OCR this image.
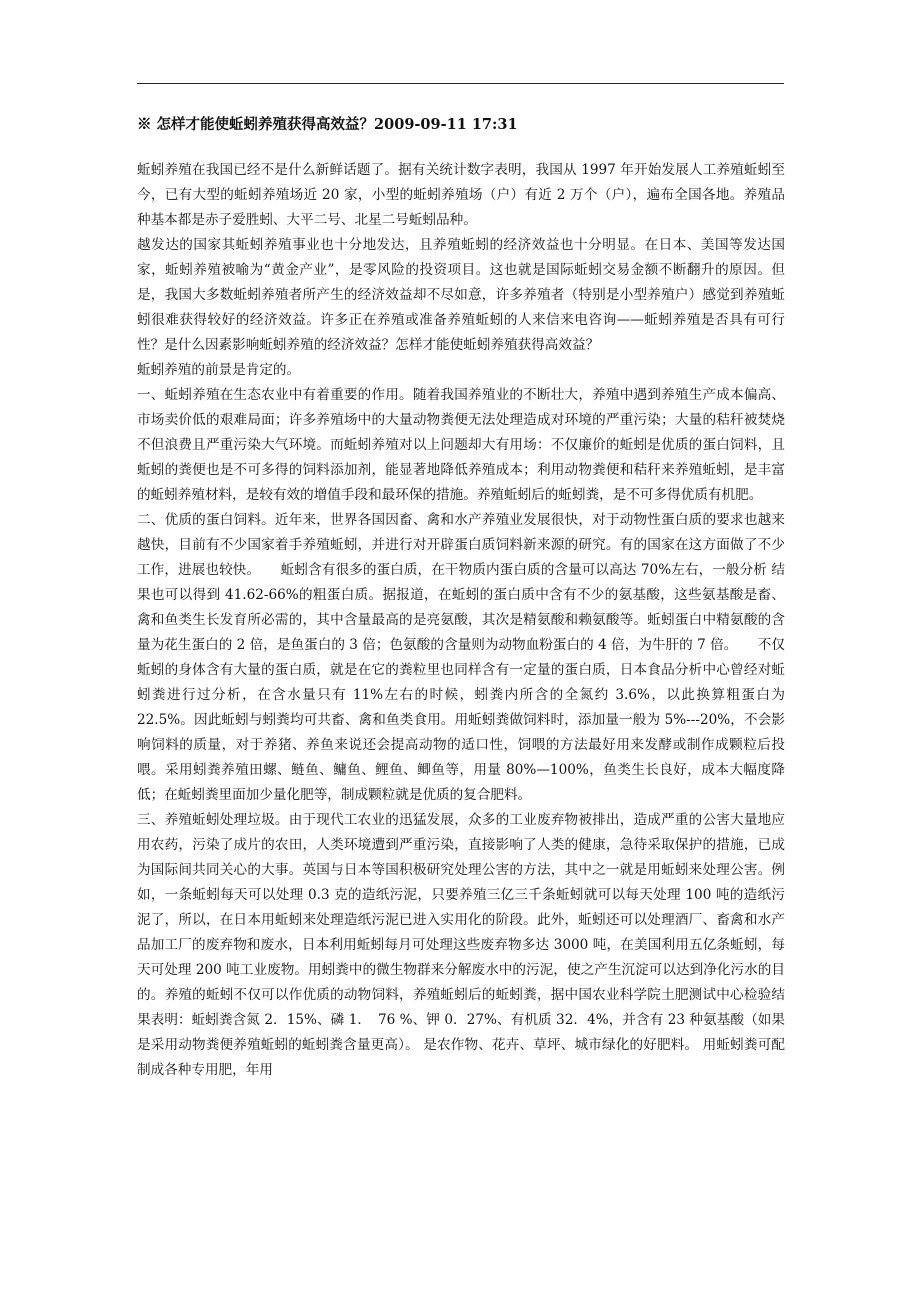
※ 怎样才能使蚯蚓养殖获得高效益？2009-09-11 17:31

蚯蚓养殖在我国已经不是什么新鲜话题了。据有关统计数字表明，我国从 1997 年开始发展人工养殖蚯蚓至今，已有大型的蚯蚓养殖场近 20 家，小型的蚯蚓养殖场（户）有近 2 万个（户），遍布全国各地。养殖品种基本都是赤子爱胜蚓、大平二号、北星二号蚯蚓品种。

越发达的国家其蚯蚓养殖事业也十分地发达，且养殖蚯蚓的经济效益也十分明显。在日本、美国等发达国家，蚯蚓养殖被喻为“黄金产业”，是零风险的投资项目。这也就是国际蚯蚓交易金额不断翻升的原因。但是，我国大多数蚯蚓养殖者所产生的经济效益却不尽如意，许多养殖者（特别是小型养殖户）感觉到养殖蚯蚓很难获得较好的经济效益。许多正在养殖或准备养殖蚯蚓的人来信来电咨询——蚯蚓养殖是否具有可行性？是什么因素影响蚯蚓养殖的经济效益？怎样才能使蚯蚓养殖获得高效益？

蚯蚓养殖的前景是肯定的。

一、蚯蚓养殖在生态农业中有着重要的作用。随着我国养殖业的不断壮大，养殖中遇到养殖生产成本偏高、市场卖价低的艰难局面；许多养殖场中的大量动物粪便无法处理造成对环境的严重污染；大量的秸秆被焚烧不但浪费且严重污染大气环境。而蚯蚓养殖对以上问题却大有用场：不仅廉价的蚯蚓是优质的蛋白饲料，且蚯蚓的粪便也是不可多得的饲料添加剂，能显著地降低养殖成本；利用动物粪便和秸秆来养殖蚯蚓，是丰富的蚯蚓养殖材料，是较有效的增值手段和最环保的措施。养殖蚯蚓后的蚯蚓粪，是不可多得优质有机肥。

二、优质的蛋白饲料。近年来，世界各国因畜、禽和水产养殖业发展很快，对于动物性蛋白质的要求也越来越快，目前有不少国家着手养殖蚯蚓，并进行对开辟蛋白质饲料新来源的研究。有的国家在这方面做了不少工作，进展也较快。　　蚯蚓含有很多的蛋白质，在干物质内蛋白质的含量可以高达 70%左右，一般分析 结果也可以得到 41.62-66%的粗蛋白质。据报道，在蚯蚓的蛋白质中含有不少的氨基酸，这些氨基酸是畜、禽和鱼类生长发育所必需的，其中含量最高的是亮氨酸，其次是精氨酸和赖氨酸等。蚯蚓蛋白中精氨酸的含量为花生蛋白的 2 倍，是鱼蛋白的 3 倍；色氨酸的含量则为动物血粉蛋白的 4 倍，为牛肝的 7 倍。　　不仅蚯蚓的身体含有大量的蛋白质，就是在它的粪粒里也同样含有一定量的蛋白质，日本食品分析中心曾经对蚯蚓粪进行过分析，在含水量只有 11%左右的时候，蚓粪内所含的全氮约 3.6%，以此换算粗蛋白为 22.5%。因此蚯蚓与蚓粪均可共畜、禽和鱼类食用。用蚯蚓粪做饲料时，添加量一般为 5%---20%，不会影响饲料的质量，对于养猪、养鱼来说还会提高动物的适口性，饲喂的方法最好用来发酵或制作成颗粒后投喂。采用蚓粪养殖田螺、鲢鱼、鳙鱼、鲤鱼、鲫鱼等，用量 80%—100%，鱼类生长良好，成本大幅度降低；在蚯蚓粪里面加少量化肥等，制成颗粒就是优质的复合肥料。

三、养殖蚯蚓处理垃圾。由于现代工农业的迅猛发展，众多的工业废弃物被排出，造成严重的公害大量地应用农药，污染了成片的农田，人类环境遭到严重污染，直接影响了人类的健康，急待采取保护的措施，已成为国际间共同关心的大事。英国与日本等国积极研究处理公害的方法，其中之一就是用蚯蚓来处理公害。例如，一条蚯蚓每天可以处理 0.3 克的造纸污泥，只要养殖三亿三千条蚯蚓就可以每天处理 100 吨的造纸污泥了，所以，在日本用蚯蚓来处理造纸污泥已进入实用化的阶段。此外，蚯蚓还可以处理酒厂、畜禽和水产品加工厂的废弃物和废水，日本利用蚯蚓每月可处理这些废弃物多达 3000 吨，在美国利用五亿条蚯蚓，每天可处理 200 吨工业废物。用蚓粪中的微生物群来分解废水中的污泥，使之产生沉淀可以达到净化污水的目的。养殖的蚯蚓不仅可以作优质的动物饲料，养殖蚯蚓后的蚯蚓粪，据中国农业科学院土肥测试中心检验结果表明：蚯蚓粪含氮 2．15%、磷 1．　76 %、钾 0．27%、有机质 32．4%，并含有 23 种氨基酸（如果是采用动物粪便养殖蚯蚓的蚯蚓粪含量更高）。 是农作物、花卉、草坪、城市绿化的好肥料。 用蚯蚓粪可配制成各种专用肥，年用
